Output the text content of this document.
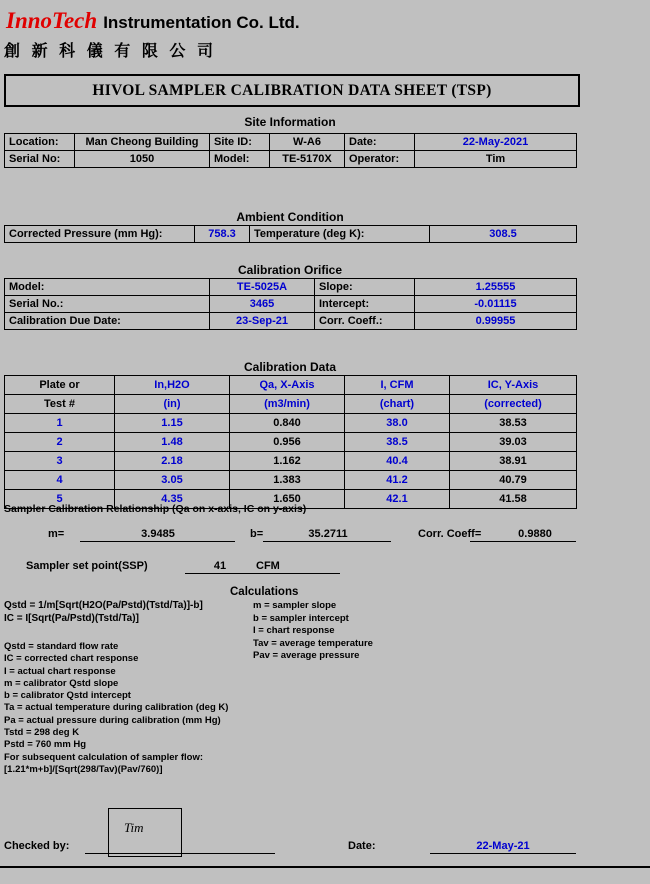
InnoTech Instrumentation Co. Ltd.
創 新 科 儀 有 限 公 司
HIVOL SAMPLER CALIBRATION DATA SHEET (TSP)
Site Information
Location:	Man Cheong Building	Site ID:	W-A6	Date:	22-May-2021
Serial No:	1050	Model:	TE-5170X	Operator:	Tim
Ambient Condition
Corrected Pressure (mm Hg):	758.3	Temperature (deg K):	308.5
Calibration Orifice
Model:	TE-5025A	Slope:	1.25555
Serial No.:	3465	Intercept:	-0.01115
Calibration Due Date:	23-Sep-21	Corr. Coeff.:	0.99955
Calibration Data
Plate or	In,H2O	Qa, X-Axis	I, CFM	IC, Y-Axis
Test #	(in)	(m3/min)	(chart)	(corrected)
1	1.15	0.840	38.0	38.53
2	1.48	0.956	38.5	39.03
3	2.18	1.162	40.4	38.91
4	3.05	1.383	41.2	40.79
5	4.35	1.650	42.1	41.58
Sampler Calibration Relationship (Qa on x-axis, IC on y-axis)
m=	3.9485	b=	35.2711	Corr. Coeff=	0.9880
Sampler set point(SSP)	41	CFM
Calculations
Qstd = 1/m[Sqrt(H2O(Pa/Pstd)(Tstd/Ta)]-b]
IC = I[Sqrt(Pa/Pstd)(Tstd/Ta)]
m = sampler slope
b = sampler intercept
I = chart response
Tav = average temperature
Pav = average pressure
Qstd = standard flow rate
IC = corrected chart response
I = actual chart response
m = calibrator Qstd slope
b = calibrator Qstd intercept
Ta = actual temperature during calibration (deg K)
Pa = actual pressure during calibration (mm Hg)
Tstd = 298 deg K
Pstd = 760 mm Hg
For subsequent calculation of sampler flow:
[1.21*m+b]/[Sqrt(298/Tav)(Pav/760)]
Tim
Checked by:	Date:	22-May-21
